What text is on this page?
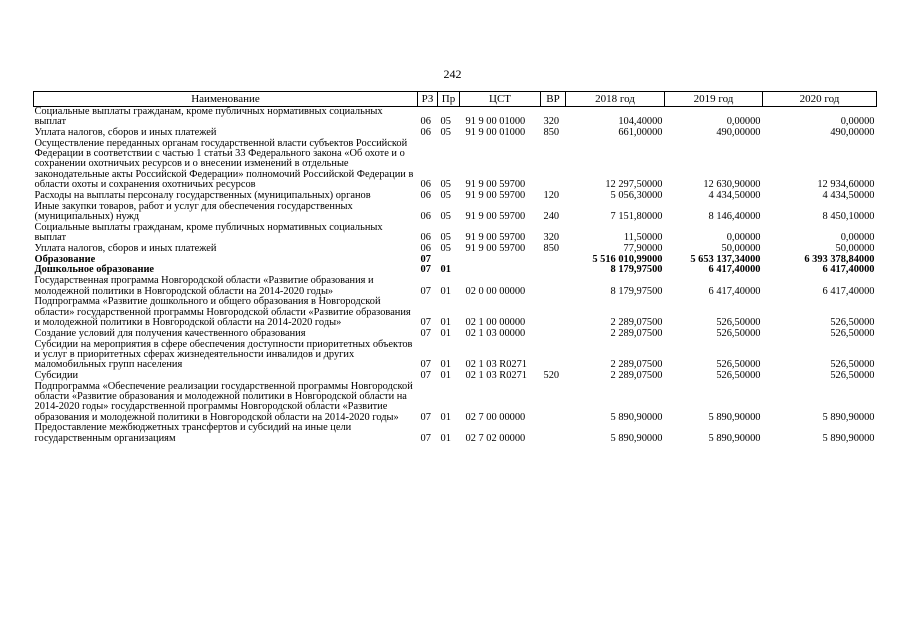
242
Наименование	РЗ	Пр	ЦСТ	ВР	2018 год	2019 год	2020 год
Социальные выплаты гражданам, кроме публичных нормативных социальных выплат	06	05	91 9 00 01000	320	104,40000	0,00000	0,00000
Уплата налогов, сборов и иных платежей	06	05	91 9 00 01000	850	661,00000	490,00000	490,00000
Осуществление переданных органам государственной власти субъектов Российской Федерации в соответствии с частью 1 статьи 33 Федерального закона «Об охоте и о сохранении охотничьих ресурсов и о внесении изменений в отдельные законодательные акты Российской Федерации» полномочий Российской Федерации в области охоты и сохранения охотничьих ресурсов	06	05	91 9 00 59700		12 297,50000	12 630,90000	12 934,60000
Расходы на выплаты персоналу государственных (муниципальных) органов	06	05	91 9 00 59700	120	5 056,30000	4 434,50000	4 434,50000
Иные закупки товаров, работ и услуг для обеспечения государственных (муниципальных) нужд	06	05	91 9 00 59700	240	7 151,80000	8 146,40000	8 450,10000
Социальные выплаты гражданам, кроме публичных нормативных социальных выплат	06	05	91 9 00 59700	320	11,50000	0,00000	0,00000
Уплата налогов, сборов и иных платежей	06	05	91 9 00 59700	850	77,90000	50,00000	50,00000
Образование	07				5 516 010,99000	5 653 137,34000	6 393 378,84000
Дошкольное образование	07	01			8 179,97500	6 417,40000	6 417,40000
Государственная программа Новгородской области «Развитие образования и молодежной политики в Новгородской области на 2014-2020 годы»	07	01	02 0 00 00000		8 179,97500	6 417,40000	6 417,40000
Подпрограмма «Развитие дошкольного и общего образования в Новгородской области» государственной программы Новгородской области «Развитие образования и молодежной политики в Новгородской области на 2014-2020 годы»	07	01	02 1 00 00000		2 289,07500	526,50000	526,50000
Создание условий для получения качественного образования	07	01	02 1 03 00000		2 289,07500	526,50000	526,50000
Субсидии на мероприятия в сфере обеспечения доступности приоритетных объектов и услуг в приоритетных сферах жизнедеятельности инвалидов и других маломобильных групп населения	07	01	02 1 03 R0271		2 289,07500	526,50000	526,50000
Субсидии	07	01	02 1 03 R0271	520	2 289,07500	526,50000	526,50000
Подпрограмма «Обеспечение реализации государственной программы Новгородской области «Развитие образования и молодежной политики в Новгородской области на 2014-2020 годы» государственной программы Новгородской области «Развитие образования и молодежной политики в Новгородской области на 2014-2020 годы»	07	01	02 7 00 00000		5 890,90000	5 890,90000	5 890,90000
Предоставление межбюджетных трансфертов и субсидий на иные цели государственным организациям	07	01	02 7 02 00000		5 890,90000	5 890,90000	5 890,90000
